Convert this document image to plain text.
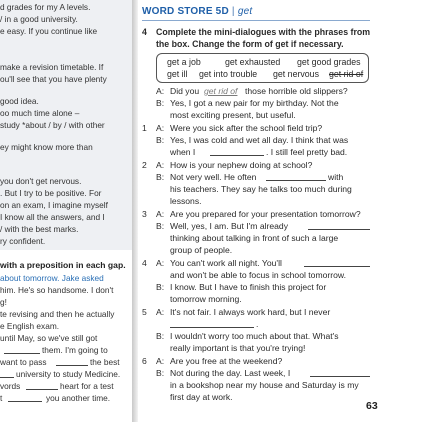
d grades for my A levels.
/ in a good university.
e easy. If you continue like
make a revision timetable. If
ou'll see that you have plenty
good idea.
oo much time alone –
study *about / by / with other
ey might know more than
you don't get nervous.
. But I try to be positive. For
on an exam, I imagine myself
I know all the answers, and I
/ with the best marks.
ry confident.
with a preposition in each gap.
about tomorrow. Jake asked
him. He's so handsome. I don't
g!
te revising and then he actually
e English exam.
until May, so we've still got
them. I'm going to
want to pass	the best
university to study Medicine.
vords	heart for a test
t	you another time.
WORD STORE 5D | get
4 Complete the mini-dialogues with the phrases from
the box. Change the form of get if necessary.
get a job	get exhausted get good grades
get ill get into trouble get nervous get rid of
A: Did you get rid of those horrible old slippers?
B: Yes, I got a new pair for my birthday. Not the
most exciting present, but useful.
1 A: Were you sick after the school field trip?
B: Yes, I was cold and wet all day. I think that was
when I	. I still feel pretty bad.
2 A: How is your nephew doing at school?
B: Not very well. He often	with
his teachers. They say he talks too much during
lessons.
3 A: Are you prepared for your presentation tomorrow?
B: Well, yes, I am. But I'm already
thinking about talking in front of such a large
group of people.
4 A: You can't work all night. You'll
and won't be able to focus in school tomorrow.
B: I know. But I have to finish this project for
tomorrow morning.
5 A: It's not fair. I always work hard, but I never
.
B: I wouldn't worry too much about that. What's
really important is that you're trying!
6 A: Are you free at the weekend?
B: Not during the day. Last week, I
in a bookshop near my house and Saturday is my
first day at work.
63
